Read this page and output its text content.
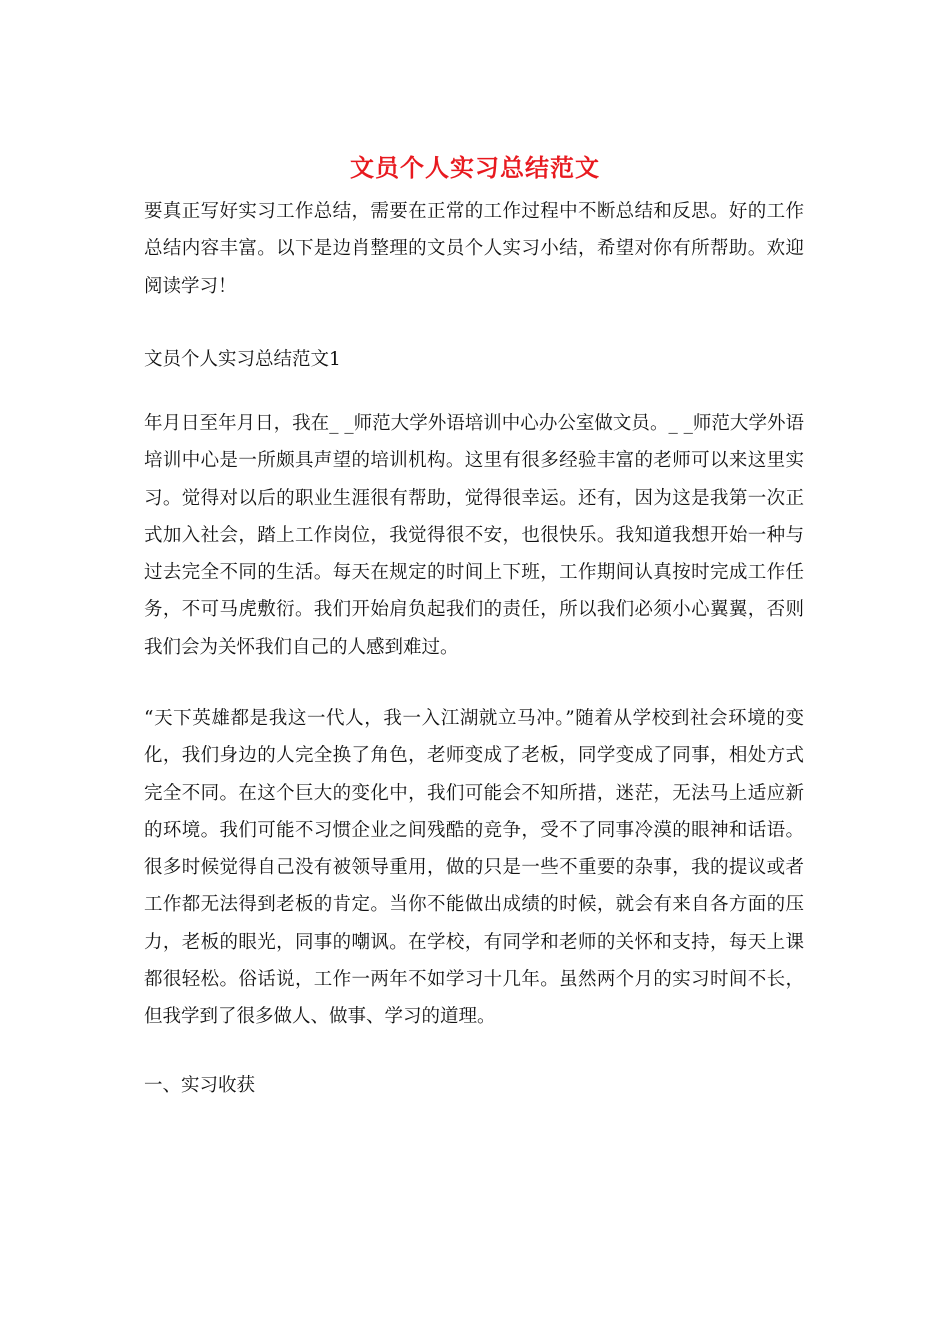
文员个人实习总结范文
要真正写好实习工作总结，需要在正常的工作过程中不断总结和反思。好的工作总结内容丰富。以下是边肖整理的文员个人实习小结，希望对你有所帮助。欢迎阅读学习！
文员个人实习总结范文1
年月日至年月日，我在_ _师范大学外语培训中心办公室做文员。_ _师范大学外语培训中心是一所颇具声望的培训机构。这里有很多经验丰富的老师可以来这里实习。觉得对以后的职业生涯很有帮助，觉得很幸运。还有，因为这是我第一次正式加入社会，踏上工作岗位，我觉得很不安，也很快乐。我知道我想开始一种与过去完全不同的生活。每天在规定的时间上下班，工作期间认真按时完成工作任务，不可马虎敷衍。我们开始肩负起我们的责任，所以我们必须小心翼翼，否则我们会为关怀我们自己的人感到难过。
“天下英雄都是我这一代人，我一入江湖就立马冲。”随着从学校到社会环境的变化，我们身边的人完全换了角色，老师变成了老板，同学变成了同事，相处方式完全不同。在这个巨大的变化中，我们可能会不知所措，迷茫，无法马上适应新的环境。我们可能不习惯企业之间残酷的竞争，受不了同事冷漠的眼神和话语。很多时候觉得自己没有被领导重用，做的只是一些不重要的杂事，我的提议或者工作都无法得到老板的肯定。当你不能做出成绩的时候，就会有来自各方面的压力，老板的眼光，同事的嘲讽。在学校，有同学和老师的关怀和支持，每天上课都很轻松。俗话说，工作一两年不如学习十几年。虽然两个月的实习时间不长，但我学到了很多做人、做事、学习的道理。
一、实习收获
